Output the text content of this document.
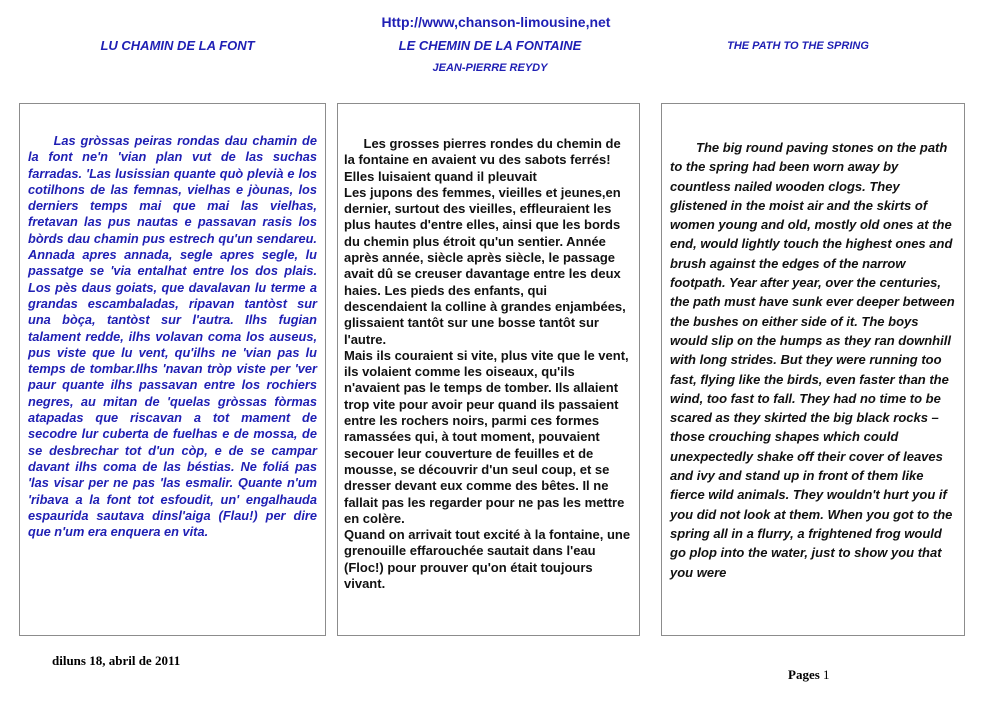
Http://www,chanson-limousine,net
LU CHAMIN DE LA FONT	LE CHEMIN DE LA FONTAINE	THE PATH TO THE SPRING
JEAN-PIERRE REYDY

Las gròssas peiras rondas dau chamin de la font ne'n 'vian plan vut de las suchas farradas. 'Las lusissian quante quò plevià e los cotilhons de las femnas, vielhas e jòunas, los derniers temps mai que mai las vielhas, fretavan las pus nautas e passavan rasis los bòrds dau chamin pus estrech qu'un sendareu. Annada apres annada, segle apres segle, lu passatge se 'via entalhat entre los dos plais. Los pès daus goiats, que davalavan lu terme a grandas escambaladas, ripavan tantòst sur una bòça, tantòst sur l'autra. Ilhs fugian talament redde, ilhs volavan coma los auseus, pus viste que lu vent, qu'ilhs ne 'vian pas lu temps de tombar.Ilhs 'navan tròp viste per 'ver paur quante ilhs passavan entre los rochiers negres, au mitan de 'quelas gròssas fòrmas atapadas que riscavan a tot mament de secodre lur cuberta de fuelhas e de mossa, de se desbrechar tot d'un còp, e de se campar davant ilhs coma de las béstias. Ne foliá pas 'las visar per ne pas 'las esmalir. Quante n'um 'ribava a la font tot esfoudit, un' engalhauda espaurida sautava dinsl'aiga (Flau!) per dire que n'um era enquera en vita.

Les grosses pierres rondes du chemin de la fontaine en avaient vu des sabots ferrés! Elles luisaient quand il pleuvait
Les jupons des femmes, vieilles et jeunes,en dernier, surtout des vieilles, effleuraient les plus hautes d'entre elles, ainsi que les bords du chemin plus étroit qu'un sentier. Année après année, siècle après siècle, le passage avait dû se creuser davantage entre les deux haies. Les pieds des enfants, qui descendaient la colline à grandes enjambées, glissaient tantôt sur une bosse tantôt sur l'autre.
Mais ils couraient si vite, plus vite que le vent, ils volaient comme les oiseaux, qu'ils n'avaient pas le temps de tomber. Ils allaient trop vite pour avoir peur quand ils passaient entre les rochers noirs, parmi ces formes ramassées qui, à tout moment, pouvaient secouer leur couverture de feuilles et de mousse, se découvrir d'un seul coup, et se dresser devant eux comme des bêtes. Il ne fallait pas les regarder pour ne pas les mettre en colère.
Quand on arrivait tout excité à la fontaine, une grenouille effarouchée sautait dans l'eau (Floc!) pour prouver qu'on était toujours vivant.

The big round paving stones on the path to the spring had been worn away by countless nailed wooden clogs. They glistened in the moist air and the skirts of women young and old, mostly old ones at the end, would lightly touch the highest ones and brush against the edges of the narrow footpath. Year after year, over the centuries, the path must have sunk ever deeper between the bushes on either side of it. The boys would slip on the humps as they ran downhill with long strides. But they were running too fast, flying like the birds, even faster than the wind, too fast to fall. They had no time to be scared as they skirted the big black rocks – those crouching shapes which could unexpectedly shake off their cover of leaves and ivy and stand up in front of them like fierce wild animals. They wouldn't hurt you if you did not look at them. When you got to the spring all in a flurry, a frightened frog would go plop into the water, just to show you that you were

diluns 18, abril de 2011
Pages 1
